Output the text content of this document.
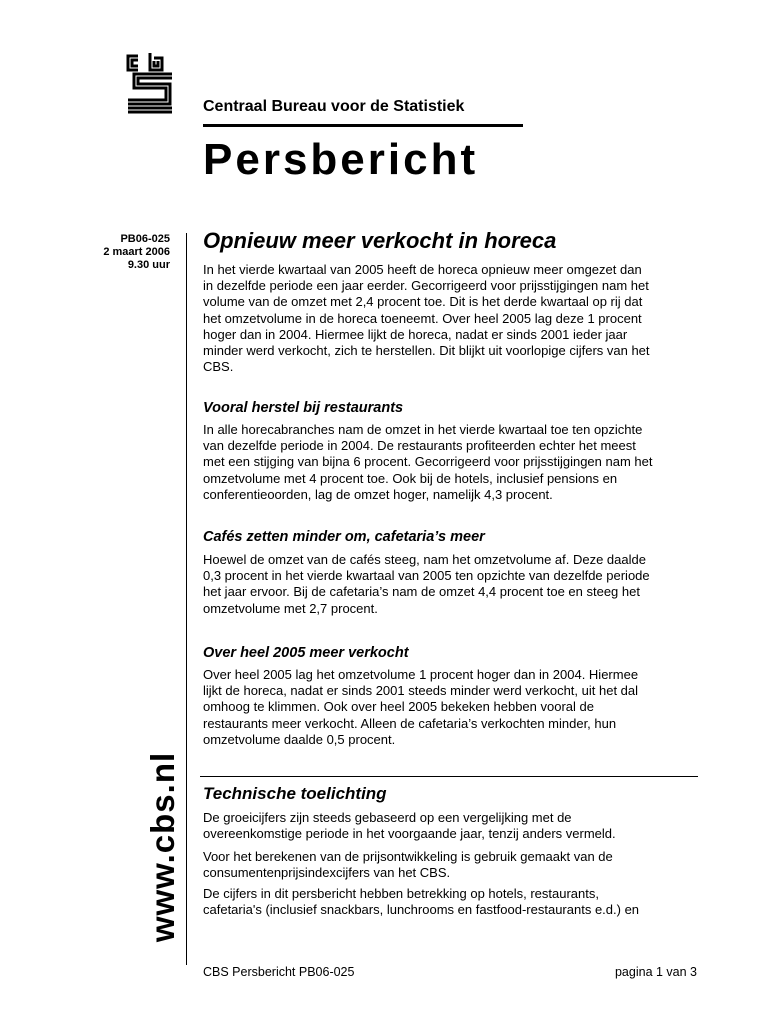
Centraal Bureau voor de Statistiek
Persbericht
PB06-025
2 maart 2006
9.30 uur
www.cbs.nl
Opnieuw meer verkocht in horeca
In het vierde kwartaal van 2005 heeft de horeca opnieuw meer omgezet dan
in dezelfde periode een jaar eerder. Gecorrigeerd voor prijsstijgingen nam het
volume van de omzet met 2,4 procent toe. Dit is het derde kwartaal op rij dat
het omzetvolume in de horeca toeneemt. Over heel 2005 lag deze 1 procent
hoger dan in 2004. Hiermee lijkt de horeca, nadat er sinds 2001 ieder jaar
minder werd verkocht, zich te herstellen. Dit blijkt uit voorlopige cijfers van het
CBS.
Vooral herstel bij restaurants
In alle horecabranches nam de omzet in het vierde kwartaal toe ten opzichte
van dezelfde periode in 2004. De restaurants profiteerden echter het meest
met een stijging van bijna 6 procent. Gecorrigeerd voor prijsstijgingen nam het
omzetvolume met 4 procent toe. Ook bij de hotels, inclusief pensions en
conferentieoorden, lag de omzet hoger, namelijk 4,3 procent.
Cafés zetten minder om, cafetaria’s meer
Hoewel de omzet van de cafés steeg, nam het omzetvolume af. Deze daalde
0,3 procent in het vierde kwartaal van 2005 ten opzichte van dezelfde periode
het jaar ervoor. Bij de cafetaria’s nam de omzet 4,4 procent toe en steeg het
omzetvolume met 2,7 procent.
Over heel 2005 meer verkocht
Over heel 2005 lag het omzetvolume 1 procent hoger dan in 2004. Hiermee
lijkt de horeca, nadat er sinds 2001 steeds minder werd verkocht, uit het dal
omhoog te klimmen. Ook over heel 2005 bekeken hebben vooral de
restaurants meer verkocht. Alleen de cafetaria’s verkochten minder, hun
omzetvolume daalde 0,5 procent.
Technische toelichting
De groeicijfers zijn steeds gebaseerd op een vergelijking met de
overeenkomstige periode in het voorgaande jaar, tenzij anders vermeld.
Voor het berekenen van de prijsontwikkeling is gebruik gemaakt van de
consumentenprijsindexcijfers van het CBS.
De cijfers in dit persbericht hebben betrekking op hotels, restaurants,
cafetaria's (inclusief snackbars, lunchrooms en fastfood-restaurants e.d.) en
CBS Persbericht PB06-025	pagina 1 van 3
